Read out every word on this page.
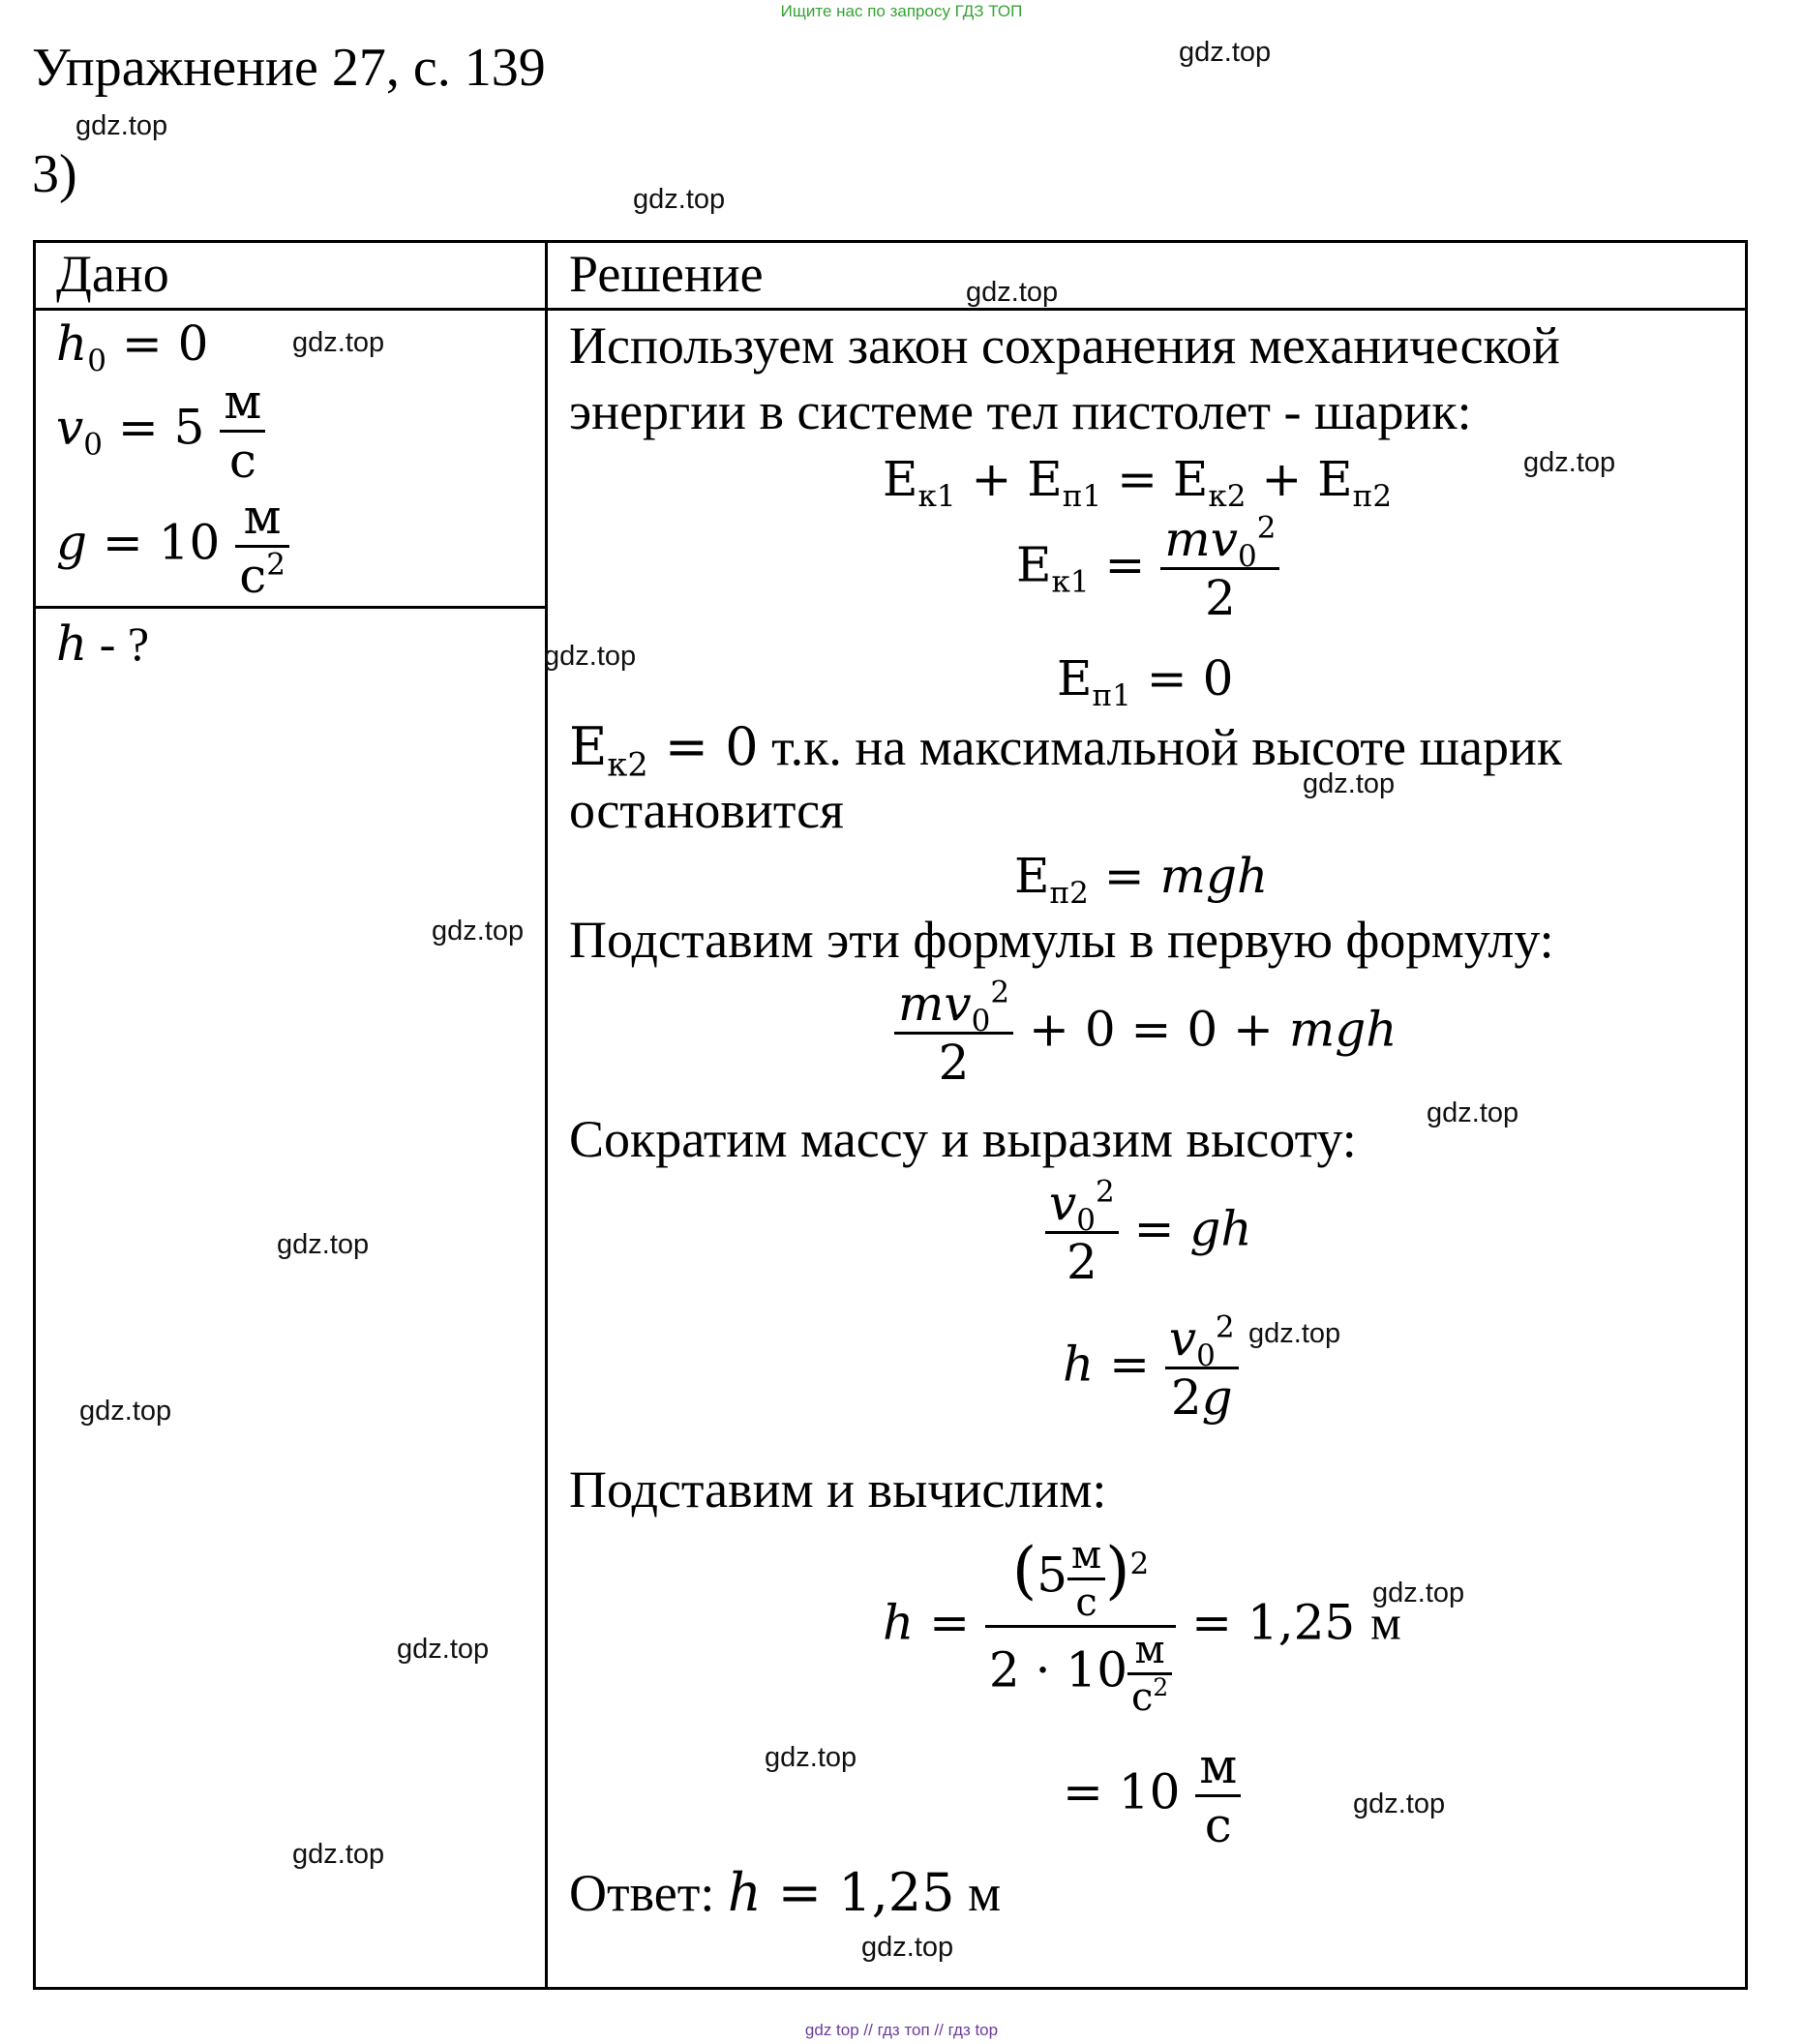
Ищите нас по запросу ГДЗ ТОП
Упражнение 27, с. 139
3)
Дано	Решение
$h_0 = 0$
$v_0 = 5 \frac{м}{с}$
$g = 10 \frac{м}{с^2}$
h - ?
Используем закон сохранения механической
энергии в системе тел пистолет - шарик:
$E_{к1} + E_{п1} = E_{к2} + E_{п2}$
$E_{к1} = \frac{mv_0^2}{2}$
$E_{п1} = 0$
$E_{к2} = 0$ т.к. на максимальной высоте шарик
остановится
$E_{п2}$ = mgh
Подставим эти формулы в первую формулу:
$\frac{mv_0^2}{2} + 0 = 0$ + mgh
Сократим массу и выразим высоту:
$\frac{v_0^2}{2}$ = gh
$h = \frac{v_0^2}{2g}$
Подставим и вычислим:
$h = \frac{(5 \frac{м}{с} )^2}{2 \cdot 10 \frac{м}{с^2}} = 1,25$ м
= $10 \frac{м}{с}$
Ответ: h = 1,25 м
gdz.top
gdz.top
gdz.top
gdz.top
gdz.top
gdz.top
gdz.top
gdz.top
gdz.top
gdz.top
gdz.top
gdz.top
gdz.top
gdz.top
gdz.top
gdz.top
gdz.top
gdz.top
gdz.top
gdz top // гдз топ // гдз top
